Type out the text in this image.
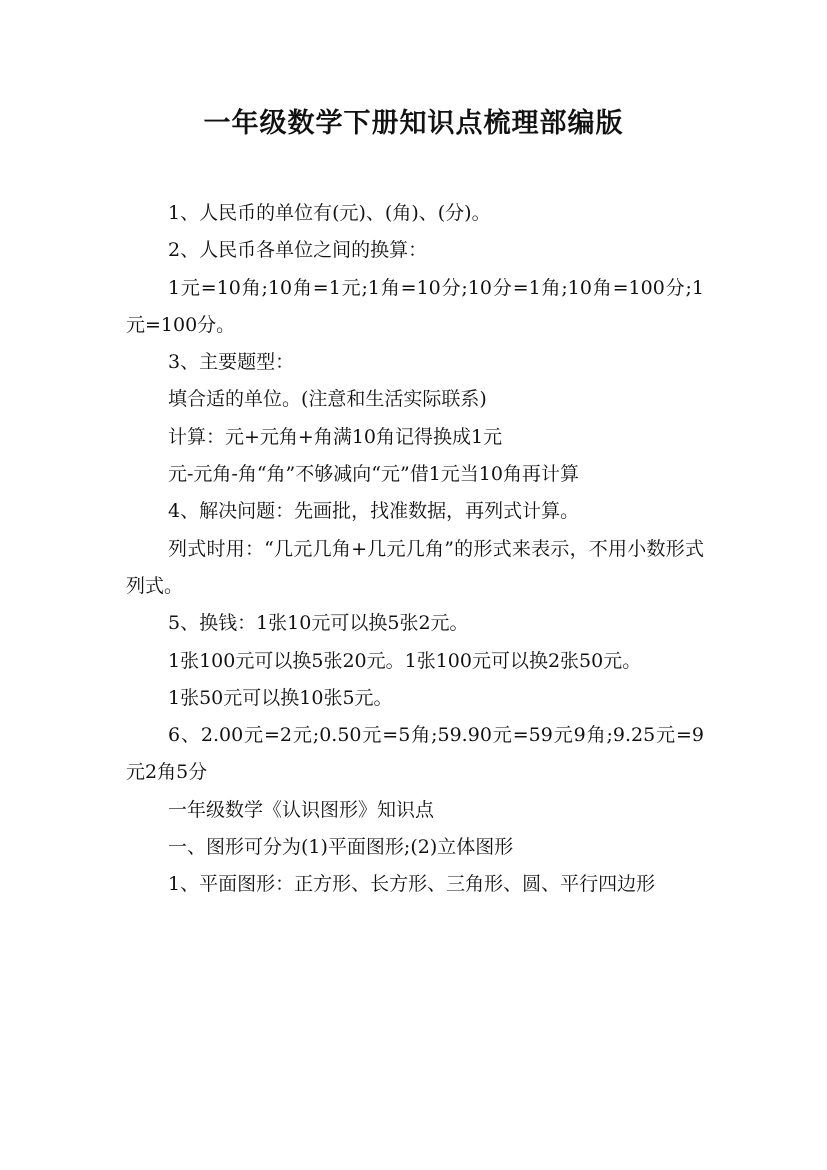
一年级数学下册知识点梳理部编版

1、人民币的单位有(元)、(角)、(分)。

2、人民币各单位之间的换算：

1元=10角;10角=1元;1角=10分;10分=1角;10角=100分;1元=100分。

3、主要题型：

填合适的单位。(注意和生活实际联系)

计算：元+元角+角满10角记得换成1元

元-元角-角“角”不够减向“元”借1元当10角再计算

4、解决问题：先画批，找准数据，再列式计算。

列式时用：“几元几角+几元几角”的形式来表示，不用小数形式列式。

5、换钱：1张10元可以换5张2元。

1张100元可以换5张20元。1张100元可以换2张50元。

1张50元可以换10张5元。

6、2.00元=2元;0.50元=5角;59.90元=59元9角;9.25元=9元2角5分

一年级数学《认识图形》知识点

一、图形可分为(1)平面图形;(2)立体图形

1、平面图形：正方形、长方形、三角形、圆、平行四边形
